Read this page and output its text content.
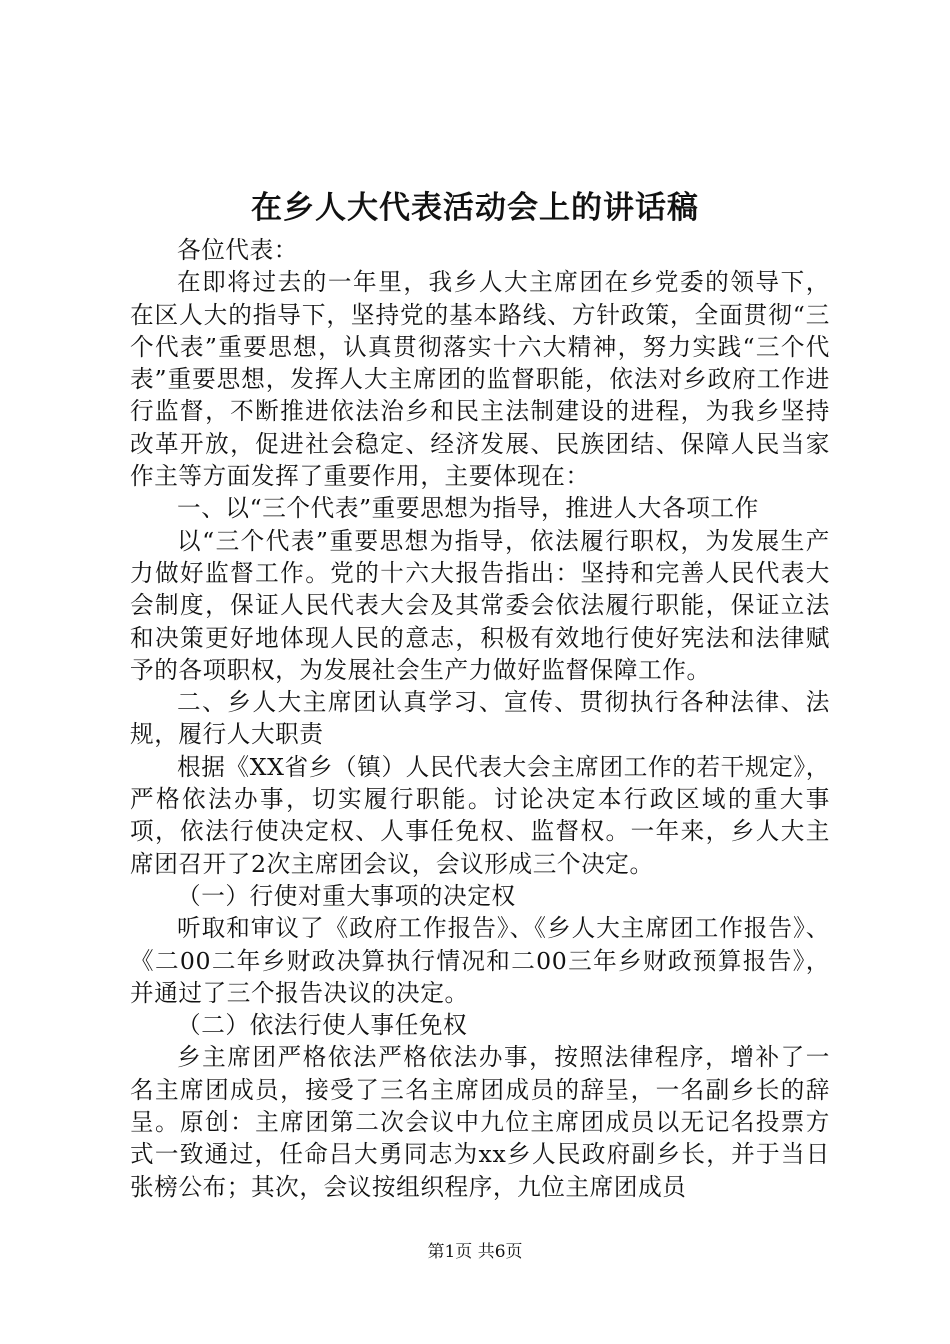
在乡人大代表活动会上的讲话稿

各位代表：

在即将过去的一年里，我乡人大主席团在乡党委的领导下，在区人大的指导下，坚持党的基本路线、方针政策，全面贯彻“三个代表”重要思想，认真贯彻落实十六大精神，努力实践“三个代表”重要思想，发挥人大主席团的监督职能，依法对乡政府工作进行监督，不断推进依法治乡和民主法制建设的进程，为我乡坚持改革开放，促进社会稳定、经济发展、民族团结、保障人民当家作主等方面发挥了重要作用，主要体现在：

一、以“三个代表”重要思想为指导，推进人大各项工作

以“三个代表”重要思想为指导，依法履行职权，为发展生产力做好监督工作。党的十六大报告指出：坚持和完善人民代表大会制度，保证人民代表大会及其常委会依法履行职能，保证立法和决策更好地体现人民的意志，积极有效地行使好宪法和法律赋予的各项职权，为发展社会生产力做好监督保障工作。

二、乡人大主席团认真学习、宣传、贯彻执行各种法律、法规，履行人大职责

根据《XX省乡（镇）人民代表大会主席团工作的若干规定》，严格依法办事，切实履行职能。讨论决定本行政区域的重大事项，依法行使决定权、人事任免权、监督权。一年来，乡人大主席团召开了2次主席团会议，会议形成三个决定。

（一）行使对重大事项的决定权

听取和审议了《政府工作报告》、《乡人大主席团工作报告》、《二00二年乡财政决算执行情况和二00三年乡财政预算报告》，并通过了三个报告决议的决定。

（二）依法行使人事任免权

乡主席团严格依法严格依法办事，按照法律程序，增补了一名主席团成员，接受了三名主席团成员的辞呈，一名副乡长的辞呈。原创：主席团第二次会议中九位主席团成员以无记名投票方式一致通过，任命吕大勇同志为xx乡人民政府副乡长，并于当日张榜公布；其次，会议按组织程序，九位主席团成员

第1页 共6页
